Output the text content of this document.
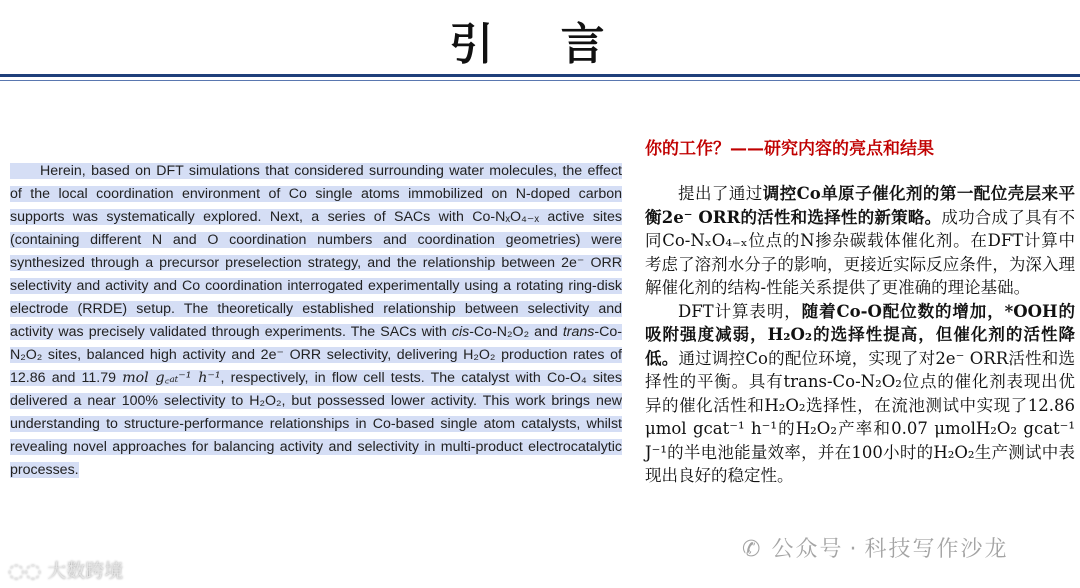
引 言
Herein, based on DFT simulations that considered surrounding water molecules, the effect of the local coordination environment of Co single atoms immobilized on N-doped carbon supports was systematically explored. Next, a series of SACs with Co-NₓO₄₋ₓ active sites (containing different N and O coordination numbers and coordination geometries) were synthesized through a precursor preselection strategy, and the relationship between 2e⁻ ORR selectivity and activity and Co coordination interrogated experimentally using a rotating ring-disk electrode (RRDE) setup. The theoretically established relationship between selectivity and activity was precisely validated through experiments. The SACs with cis-Co-N₂O₂ and trans-Co-N₂O₂ sites, balanced high activity and 2e⁻ ORR selectivity, delivering H₂O₂ production rates of 12.86 and 11.79 mol g꜀ₐₜ⁻¹ h⁻¹, respectively, in flow cell tests. The catalyst with Co-O₄ sites delivered a near 100% selectivity to H₂O₂, but possessed lower activity. This work brings new understanding to structure-performance relationships in Co-based single atom catalysts, whilst revealing novel approaches for balancing activity and selectivity in multi-product electrocatalytic processes.
你的工作？——研究内容的亮点和结果

提出了通过调控Co单原子催化剂的第一配位壳层来平衡2e⁻ ORR的活性和选择性的新策略。成功合成了具有不同Co-NₓO₄₋ₓ位点的N掺杂碳载体催化剂。在DFT计算中考虑了溶剂水分子的影响，更接近实际反应条件，为深入理解催化剂的结构-性能关系提供了更准确的理论基础。

DFT计算表明，随着Co-O配位数的增加，*OOH的吸附强度减弱，H₂O₂的选择性提高，但催化剂的活性降低。通过调控Co的配位环境，实现了对2e⁻ ORR活性和选择性的平衡。具有trans-Co-N₂O₂位点的催化剂表现出优异的催化活性和H₂O₂选择性，在流池测试中实现了12.86 μmol gcat⁻¹ h⁻¹的H₂O₂产率和0.07 μmolH₂O₂ gcat⁻¹ J⁻¹的半电池能量效率，并在100小时的H₂O₂生产测试中表现出良好的稳定性。

◌◌ 大数跨境
✆ 公众号 · 科技写作沙龙
